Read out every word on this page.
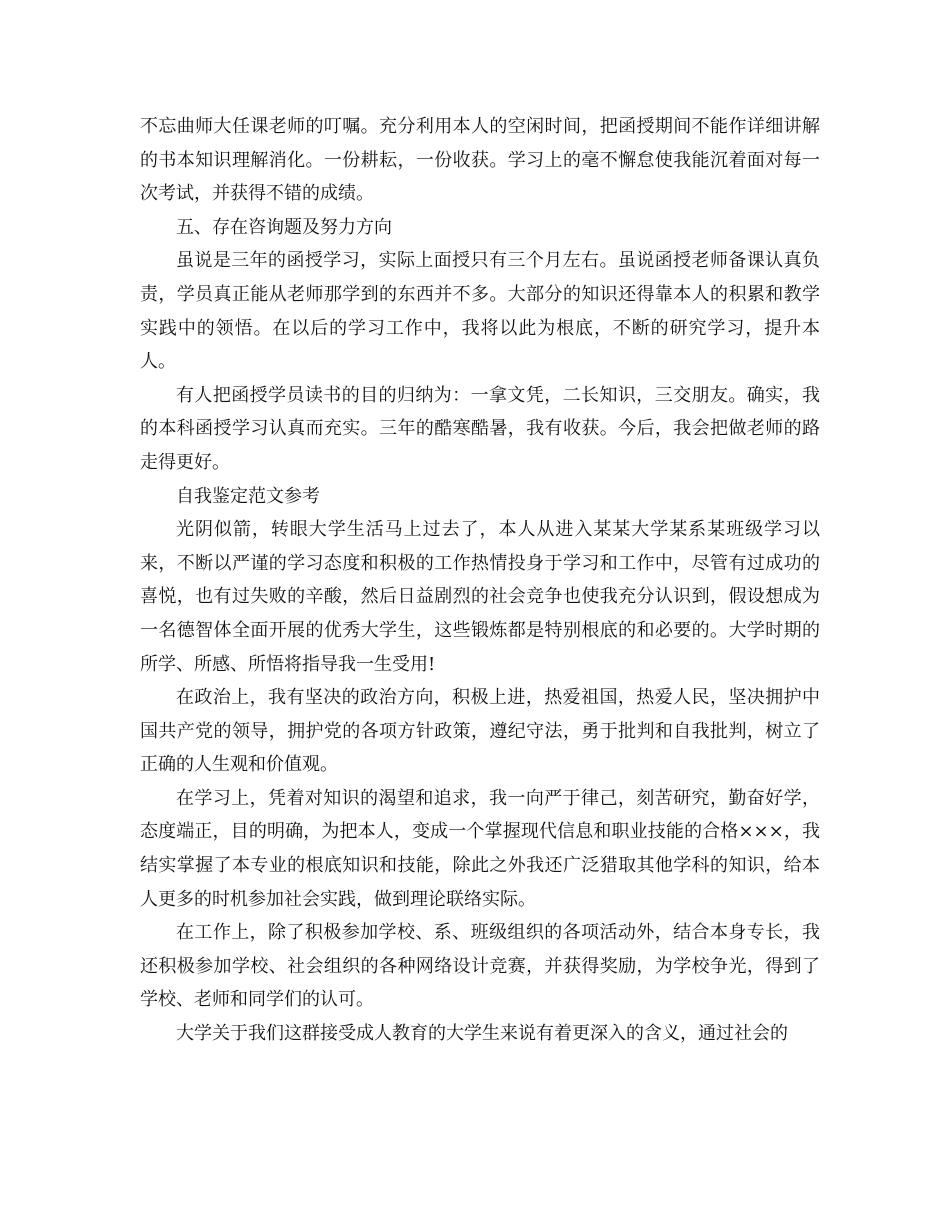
不忘曲师大任课老师的叮嘱。充分利用本人的空闲时间，把函授期间不能作详细讲解的书本知识理解消化。一份耕耘，一份收获。学习上的毫不懈怠使我能沉着面对每一次考试，并获得不错的成绩。

五、存在咨询题及努力方向

虽说是三年的函授学习，实际上面授只有三个月左右。虽说函授老师备课认真负责，学员真正能从老师那学到的东西并不多。大部分的知识还得靠本人的积累和教学实践中的领悟。在以后的学习工作中，我将以此为根底，不断的研究学习，提升本人。

有人把函授学员读书的目的归纳为：一拿文凭，二长知识，三交朋友。确实，我的本科函授学习认真而充实。三年的酷寒酷暑，我有收获。今后，我会把做老师的路走得更好。

自我鉴定范文参考

光阴似箭，转眼大学生活马上过去了，本人从进入某某大学某系某班级学习以来，不断以严谨的学习态度和积极的工作热情投身于学习和工作中，尽管有过成功的喜悦，也有过失败的辛酸，然后日益剧烈的社会竞争也使我充分认识到，假设想成为一名德智体全面开展的优秀大学生，这些锻炼都是特别根底的和必要的。大学时期的所学、所感、所悟将指导我一生受用!

在政治上，我有坚决的政治方向，积极上进，热爱祖国，热爱人民，坚决拥护中国共产党的领导，拥护党的各项方针政策，遵纪守法，勇于批判和自我批判，树立了正确的人生观和价值观。

在学习上，凭着对知识的渴望和追求，我一向严于律己，刻苦研究，勤奋好学，态度端正，目的明确，为把本人，变成一个掌握现代信息和职业技能的合格×××，我结实掌握了本专业的根底知识和技能，除此之外我还广泛猎取其他学科的知识，给本人更多的时机参加社会实践，做到理论联络实际。

在工作上，除了积极参加学校、系、班级组织的各项活动外，结合本身专长，我还积极参加学校、社会组织的各种网络设计竞赛，并获得奖励，为学校争光，得到了学校、老师和同学们的认可。

大学关于我们这群接受成人教育的大学生来说有着更深入的含义，通过社会的
